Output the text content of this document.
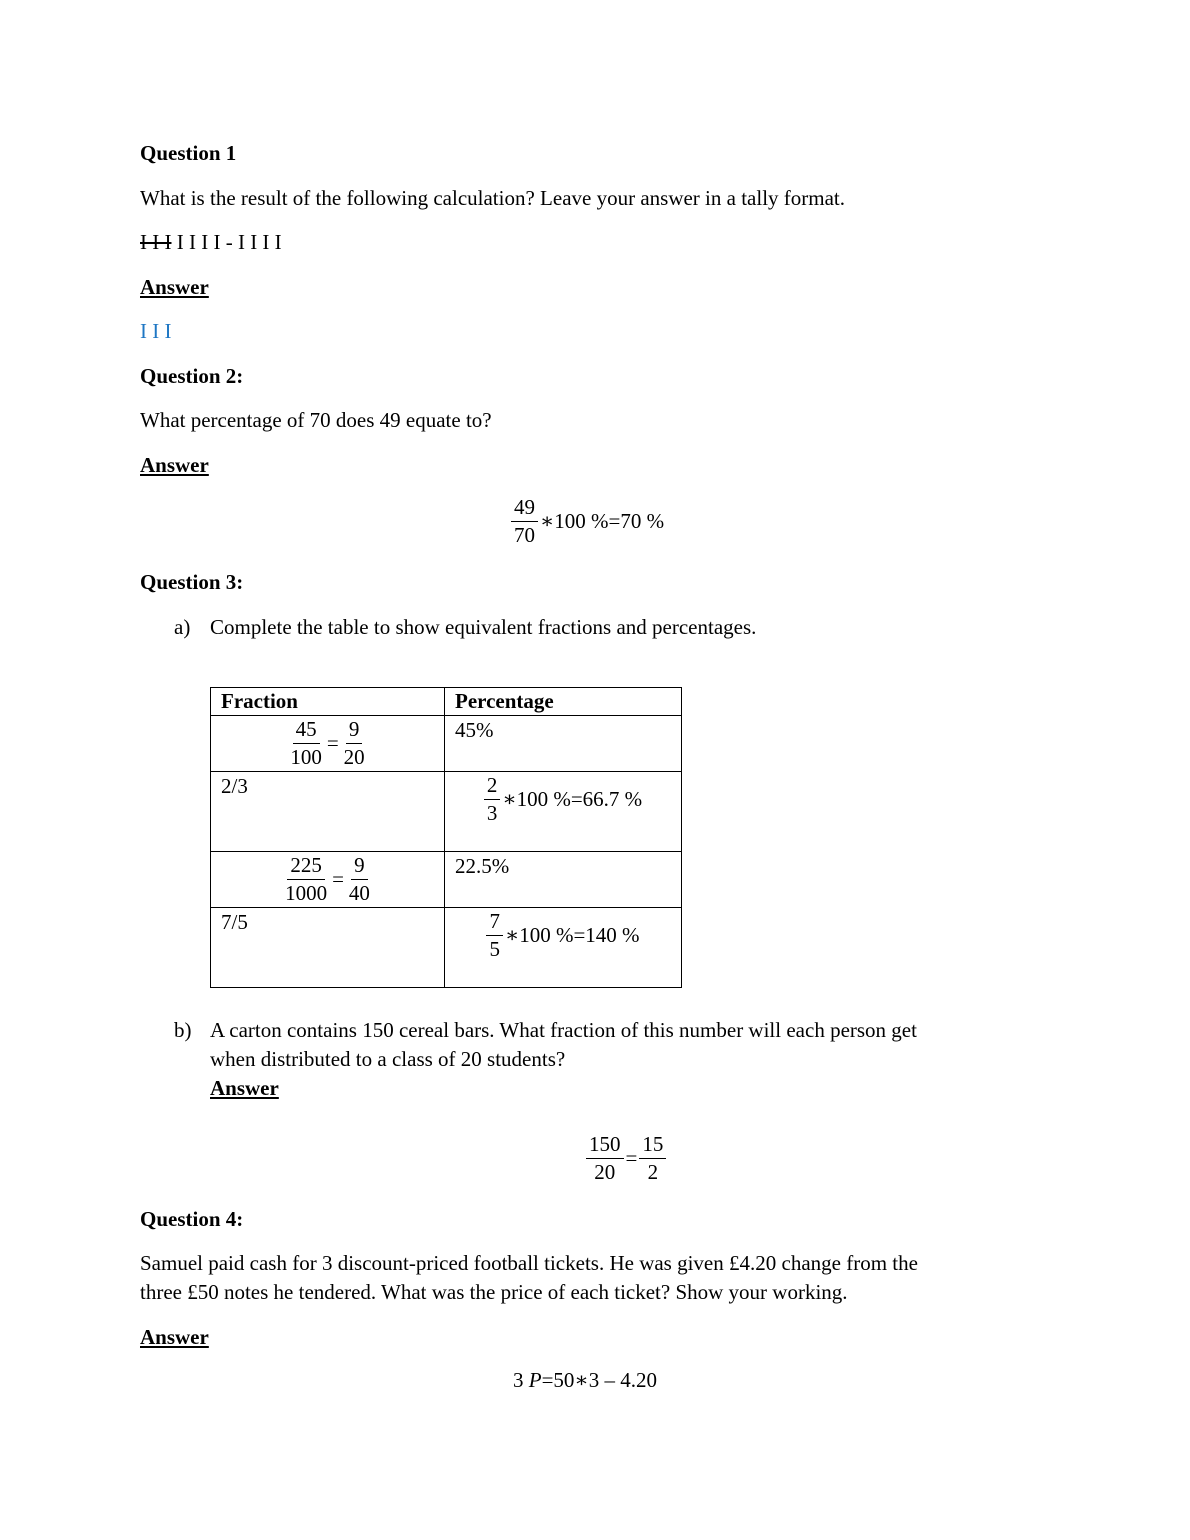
Question 1
What is the result of the following calculation? Leave your answer in a tally format.
I I I I I I I - I I I I
Answer
I I I
Question 2:
What percentage of 70 does 49 equate to?
Answer
$\frac{49}{70}$ ∗100 %=70 %
Question 3:
a) Complete the table to show equivalent fractions and percentages.
Fraction	Percentage

$\frac{45}{100} = \frac{9}{20}$	45%
2/3	$\frac{2}{3}$ ∗100 %=66.7 %

$\frac{225}{1000} = \frac{9}{40}$	22.5%
7/5	$\frac{7}{5}$ ∗100 %=140 %
b) A carton contains 150 cereal bars. What fraction of this number will each person get
when distributed to a class of 20 students?
Answer
$\frac{150}{20} = \frac{15}{2}$
Question 4:
Samuel paid cash for 3 discount-priced football tickets. He was given £4.20 change from the
three £50 notes he tendered. What was the price of each ticket? Show your working.
Answer
3 P=50∗3 – 4.20
